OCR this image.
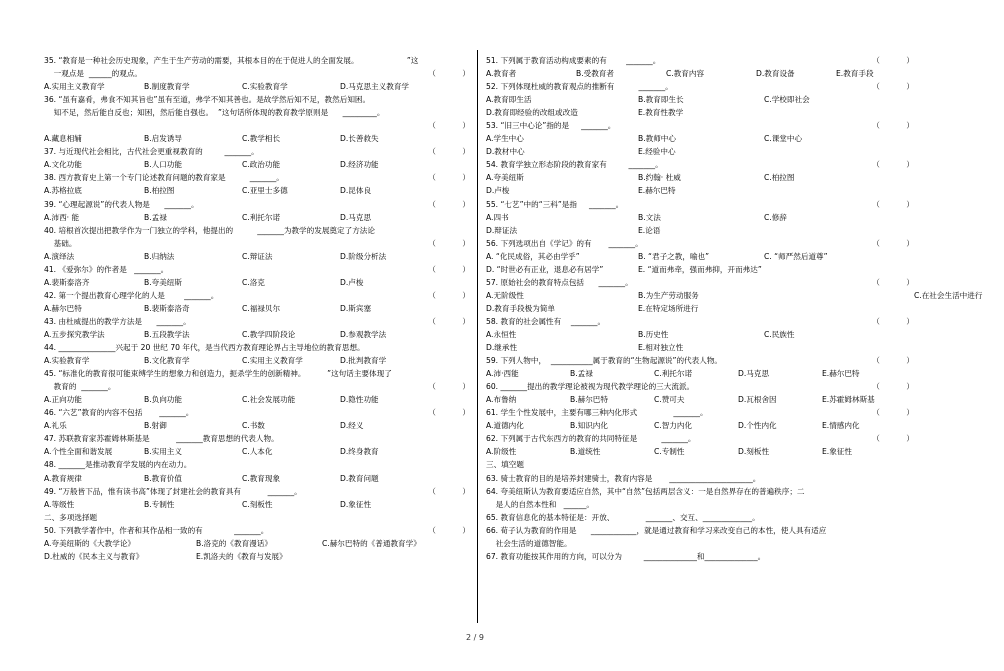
35. “教育是一种社会历史现象，产生于生产劳动的需要，其根本目的在于促进人的全面发展。                    ”这
一观点是  ______的观点。	（           ）
A.实用主义教育学	B.制度教育学	C.实验教育学	D.马克思主义教育学
36. “虽有嘉肴，弗食不知其旨也”虽有至道，弗学不知其善也。是故学然后知不足，教然后知困。
知不足，然后能自反也；知困，然后能自强也。  ”这句话所体现的教育教学原则是      _________。
（           ）
A.藏息相辅	B.启发诱导	C.教学相长	D.长善救失
37. 与近现代社会相比，古代社会更重视教育的         _______。	（           ）
A.文化功能	B.人口功能	C.政治功能	D.经济功能
38. 西方教育史上第一个专门论述教育问题的教育家是          _______。	（           ）
A.苏格拉底	B.柏拉图	C.亚里士多德	D.昆体良
39. “心理起源说”的代表人物是      _______。	（           ）
A.沛西· 能	B.孟禄	C.利托尔诺	D.马克思
40. 培根首次提出把教学作为一门独立的学科，他提出的          _______为教学的发展奠定了方法论
基础。	（           ）
A.演绎法	B.归纳法	C.辩证法	D.阶级分析法
41. 《爱弥尔》的作者是   _______。	（           ）
A.裴斯泰洛齐	B.夸美纽斯	C.洛克	D.卢梭
42. 第一个提出教育心理学化的人是        _______。	（           ）
A.赫尔巴特	B.裴斯泰洛奇	C.福禄贝尔	D.斯宾塞
43. 由杜威提出的教学方法是      _______。	（           ）
A.五步探究教学法	B.五段教学法	C.教学四阶段论	D.参观教学法
44. _______________兴起于 20 世纪 70 年代，是当代西方教育理论界占主导地位的教育思想。
A.实验教育学	B.文化教育学	C.实用主义教育学	D.批判教育学
45. “标准化的教育很可能束缚学生的想象力和创造力，扼杀学生的创新精神。         ”这句话主要体现了
教育的  _______。	（           ）
A.正向功能	B.负向功能	C.社会发展功能	D.隐性功能
46. “六艺”教育的内容不包括       _______。	（           ）
A.礼乐	B.射御	C.书数	D.经义
47. 苏联教育家苏霍姆林斯基是           _______教育思想的代表人物。
A.个性全面和谐发展	B.实用主义	C.人本化	D.终身教育
48. _______是推动教育学发展的内在动力。
A.教育规律	B.教育价值	C.教育现象	D.教育问题
49. “万般皆下品，惟有读书高”体现了封建社会的教育具有           _______。	（           ）
A.等级性	B.专制性	C.刻板性	D.象征性
二、多项选择题
50. 下列教学著作中，作者和其作品相一致的有             _______。	（           ）
A.夸美纽斯的《大教学论》	B.洛克的《教育漫话》	C.赫尔巴特的《普通教育学》
D.杜威的《民本主义与教育》	E.凯洛夫的《教育与发展》
51. 下列属于教育活动构成要素的有        _______。	（           ）
A.教育者	B.受教育者	C.教育内容	D.教育设备	E.教育手段
52. 下列体现杜威的教育观点的推断有          _______。	（           ）
A.教育即生活	B.教育即生长	C.学校即社会
D.教育即经验的改组或改造	E.教育性教学
53. “旧三中心论”指的是     _______。	（           ）
A.学生中心	B.教师中心	C.课堂中心
D.教材中心	E.经验中心
54. 教育学独立形态阶段的教育家有         _______。	（           ）
A.夸美纽斯	B.约翰· 杜威	C.柏拉图
D.卢梭	E.赫尔巴特
55. “七艺”中的“三科”是指     _______。	（           ）
A.四书	B.文法	C.修辞
D.辩证法	E.论语
56. 下列选项出自《学记》的有       _______。	（           ）
A. “化民成俗，其必由学乎”	B. “君子之教，喻也”	C. “师严然后道尊”
D. “时世必有正业，退息必有居学”	E. “道而弗牵，强而弗抑，开而弗达”
57. 原始社会的教育特点包括      _______。	（           ）
A.无阶级性	B.为生产劳动服务	C.在社会生活中进行
D.教育手段极为简单	E.在特定场所进行
58. 教育的社会属性有    _______。	（           ）
A.永恒性	B.历史性	C.民族性
D.继承性	E.相对独立性
59. 下列人物中，  ___________属于教育的“生物起源说”的代表人物。	（           ）
A.沛·西能	B.孟禄	C.利托尔诺	D.马克思	E.赫尔巴特
60. _______提出的教学理论被视为现代教学理论的三大流派。	（           ）
A.布鲁纳	B.赫尔巴特	C.赞可夫	D.瓦根舍因	E.苏霍姆林斯基
61. 学生个性发展中，主要有哪三种内化形式               _______。	（           ）
A.道德内化	B.知识内化	C.智力内化	D.个性内化	E.情感内化
62. 下列属于古代东西方的教育的共同特征是          _______。	（           ）
A.阶级性	B.道统性	C.专制性	D.刻板性	E.象征性
三、填空题
63. 骑士教育的目的是培养封建骑士，教育内容是       ______________________。
64. 夸美纽斯认为教育要适应自然，其中“自然”包括两层含义：一是自然界存在的普遍秩序；二
是人的自然本性和   ______。
65. 教育信息化的基本特征是：开放、             _______、交互、_____________。
66. 荀子认为教育的作用是      ____________，就是通过教育和学习来改变自己的本性，使人具有适应
社会生活的道德智能。
67. 教育功能按其作用的方向，可以分为         ______________和______________。
2 / 9
